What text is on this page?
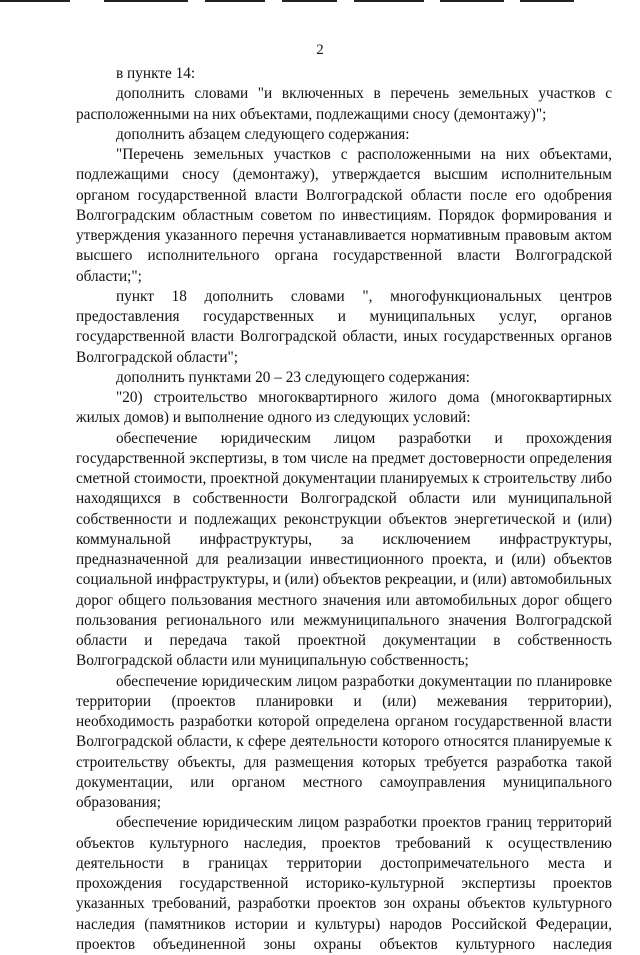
2

в пункте 14:

дополнить словами "и включенных в перечень земельных участков с расположенными на них объектами, подлежащими сносу (демонтажу)";

дополнить абзацем следующего содержания:

"Перечень земельных участков с расположенными на них объектами, подлежащими сносу (демонтажу), утверждается высшим исполнительным органом государственной власти Волгоградской области после его одобрения Волгоградским областным советом по инвестициям. Порядок формирования и утверждения указанного перечня устанавливается нормативным правовым актом высшего исполнительного органа государственной власти Волгоградской области;";

пункт 18 дополнить словами ", многофункциональных центров предоставления государственных и муниципальных услуг, органов государственной власти Волгоградской области, иных государственных органов Волгоградской области";

дополнить пунктами 20 – 23 следующего содержания:

"20) строительство многоквартирного жилого дома (многоквартирных жилых домов) и выполнение одного из следующих условий:

обеспечение юридическим лицом разработки и прохождения государственной экспертизы, в том числе на предмет достоверности определения сметной стоимости, проектной документации планируемых к строительству либо находящихся в собственности Волгоградской области или муниципальной собственности и подлежащих реконструкции объектов энергетической и (или) коммунальной инфраструктуры, за исключением инфраструктуры, предназначенной для реализации инвестиционного проекта, и (или) объектов социальной инфраструктуры, и (или) объектов рекреации, и (или) автомобильных дорог общего пользования местного значения или автомобильных дорог общего пользования регионального или межмуниципального значения Волгоградской области и передача такой проектной документации в собственность Волгоградской области или муниципальную собственность;

обеспечение юридическим лицом разработки документации по планировке территории (проектов планировки и (или) межевания территории), необходимость разработки которой определена органом государственной власти Волгоградской области, к сфере деятельности которого относятся планируемые к строительству объекты, для размещения которых требуется разработка такой документации, или органом местного самоуправления муниципального образования;

обеспечение юридическим лицом разработки проектов границ территорий объектов культурного наследия, проектов требований к осуществлению деятельности в границах территории достопримечательного места и прохождения государственной историко-культурной экспертизы проектов указанных требований, разработки проектов зон охраны объектов культурного наследия (памятников истории и культуры) народов Российской Федерации, проектов объединенной зоны охраны объектов культурного наследия
